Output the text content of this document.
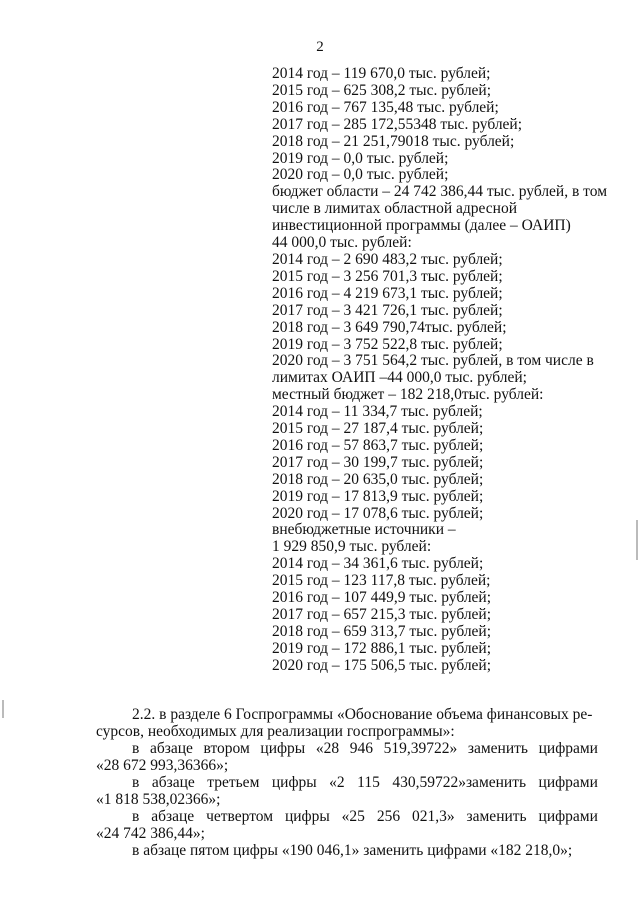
2
2014 год – 119 670,0 тыс. рублей;
2015 год – 625 308,2 тыс. рублей;
2016 год – 767 135,48 тыс. рублей;
2017 год – 285 172,55348 тыс. рублей;
2018 год – 21 251,79018 тыс. рублей;
2019 год – 0,0 тыс. рублей;
2020 год – 0,0 тыс. рублей;
бюджет области – 24 742 386,44 тыс. рублей, в том
числе в лимитах областной адресной
инвестиционной программы (далее – ОАИП)
44 000,0 тыс. рублей:
2014 год – 2 690 483,2 тыс. рублей;
2015 год – 3 256 701,3 тыс. рублей;
2016 год – 4 219 673,1 тыс. рублей;
2017 год – 3 421 726,1 тыс. рублей;
2018 год – 3 649 790,74тыс. рублей;
2019 год – 3 752 522,8 тыс. рублей;
2020 год – 3 751 564,2 тыс. рублей, в том числе в
лимитах ОАИП –44 000,0 тыс. рублей;
местный бюджет – 182 218,0тыс. рублей:
2014 год – 11 334,7 тыс. рублей;
2015 год – 27 187,4 тыс. рублей;
2016 год – 57 863,7 тыс. рублей;
2017 год – 30 199,7 тыс. рублей;
2018 год – 20 635,0 тыс. рублей;
2019 год – 17 813,9 тыс. рублей;
2020 год – 17 078,6 тыс. рублей;
внебюджетные источники –
1 929 850,9 тыс. рублей:
2014 год – 34 361,6 тыс. рублей;
2015 год – 123 117,8 тыс. рублей;
2016 год – 107 449,9 тыс. рублей;
2017 год – 657 215,3 тыс. рублей;
2018 год – 659 313,7 тыс. рублей;
2019 год – 172 886,1 тыс. рублей;
2020 год – 175 506,5 тыс. рублей;
2.2. в разделе 6 Госпрограммы «Обоснование объема финансовых ре-
сурсов, необходимых для реализации госпрограммы»:
в абзаце втором цифры «28 946 519,39722» заменить цифрами
«28 672 993,36366»;
в абзаце третьем цифры «2 115 430,59722»заменить цифрами
«1 818 538,02366»;
в абзаце четвертом цифры «25 256 021,3» заменить цифрами
«24 742 386,44»;
в абзаце пятом цифры «190 046,1» заменить цифрами «182 218,0»;
